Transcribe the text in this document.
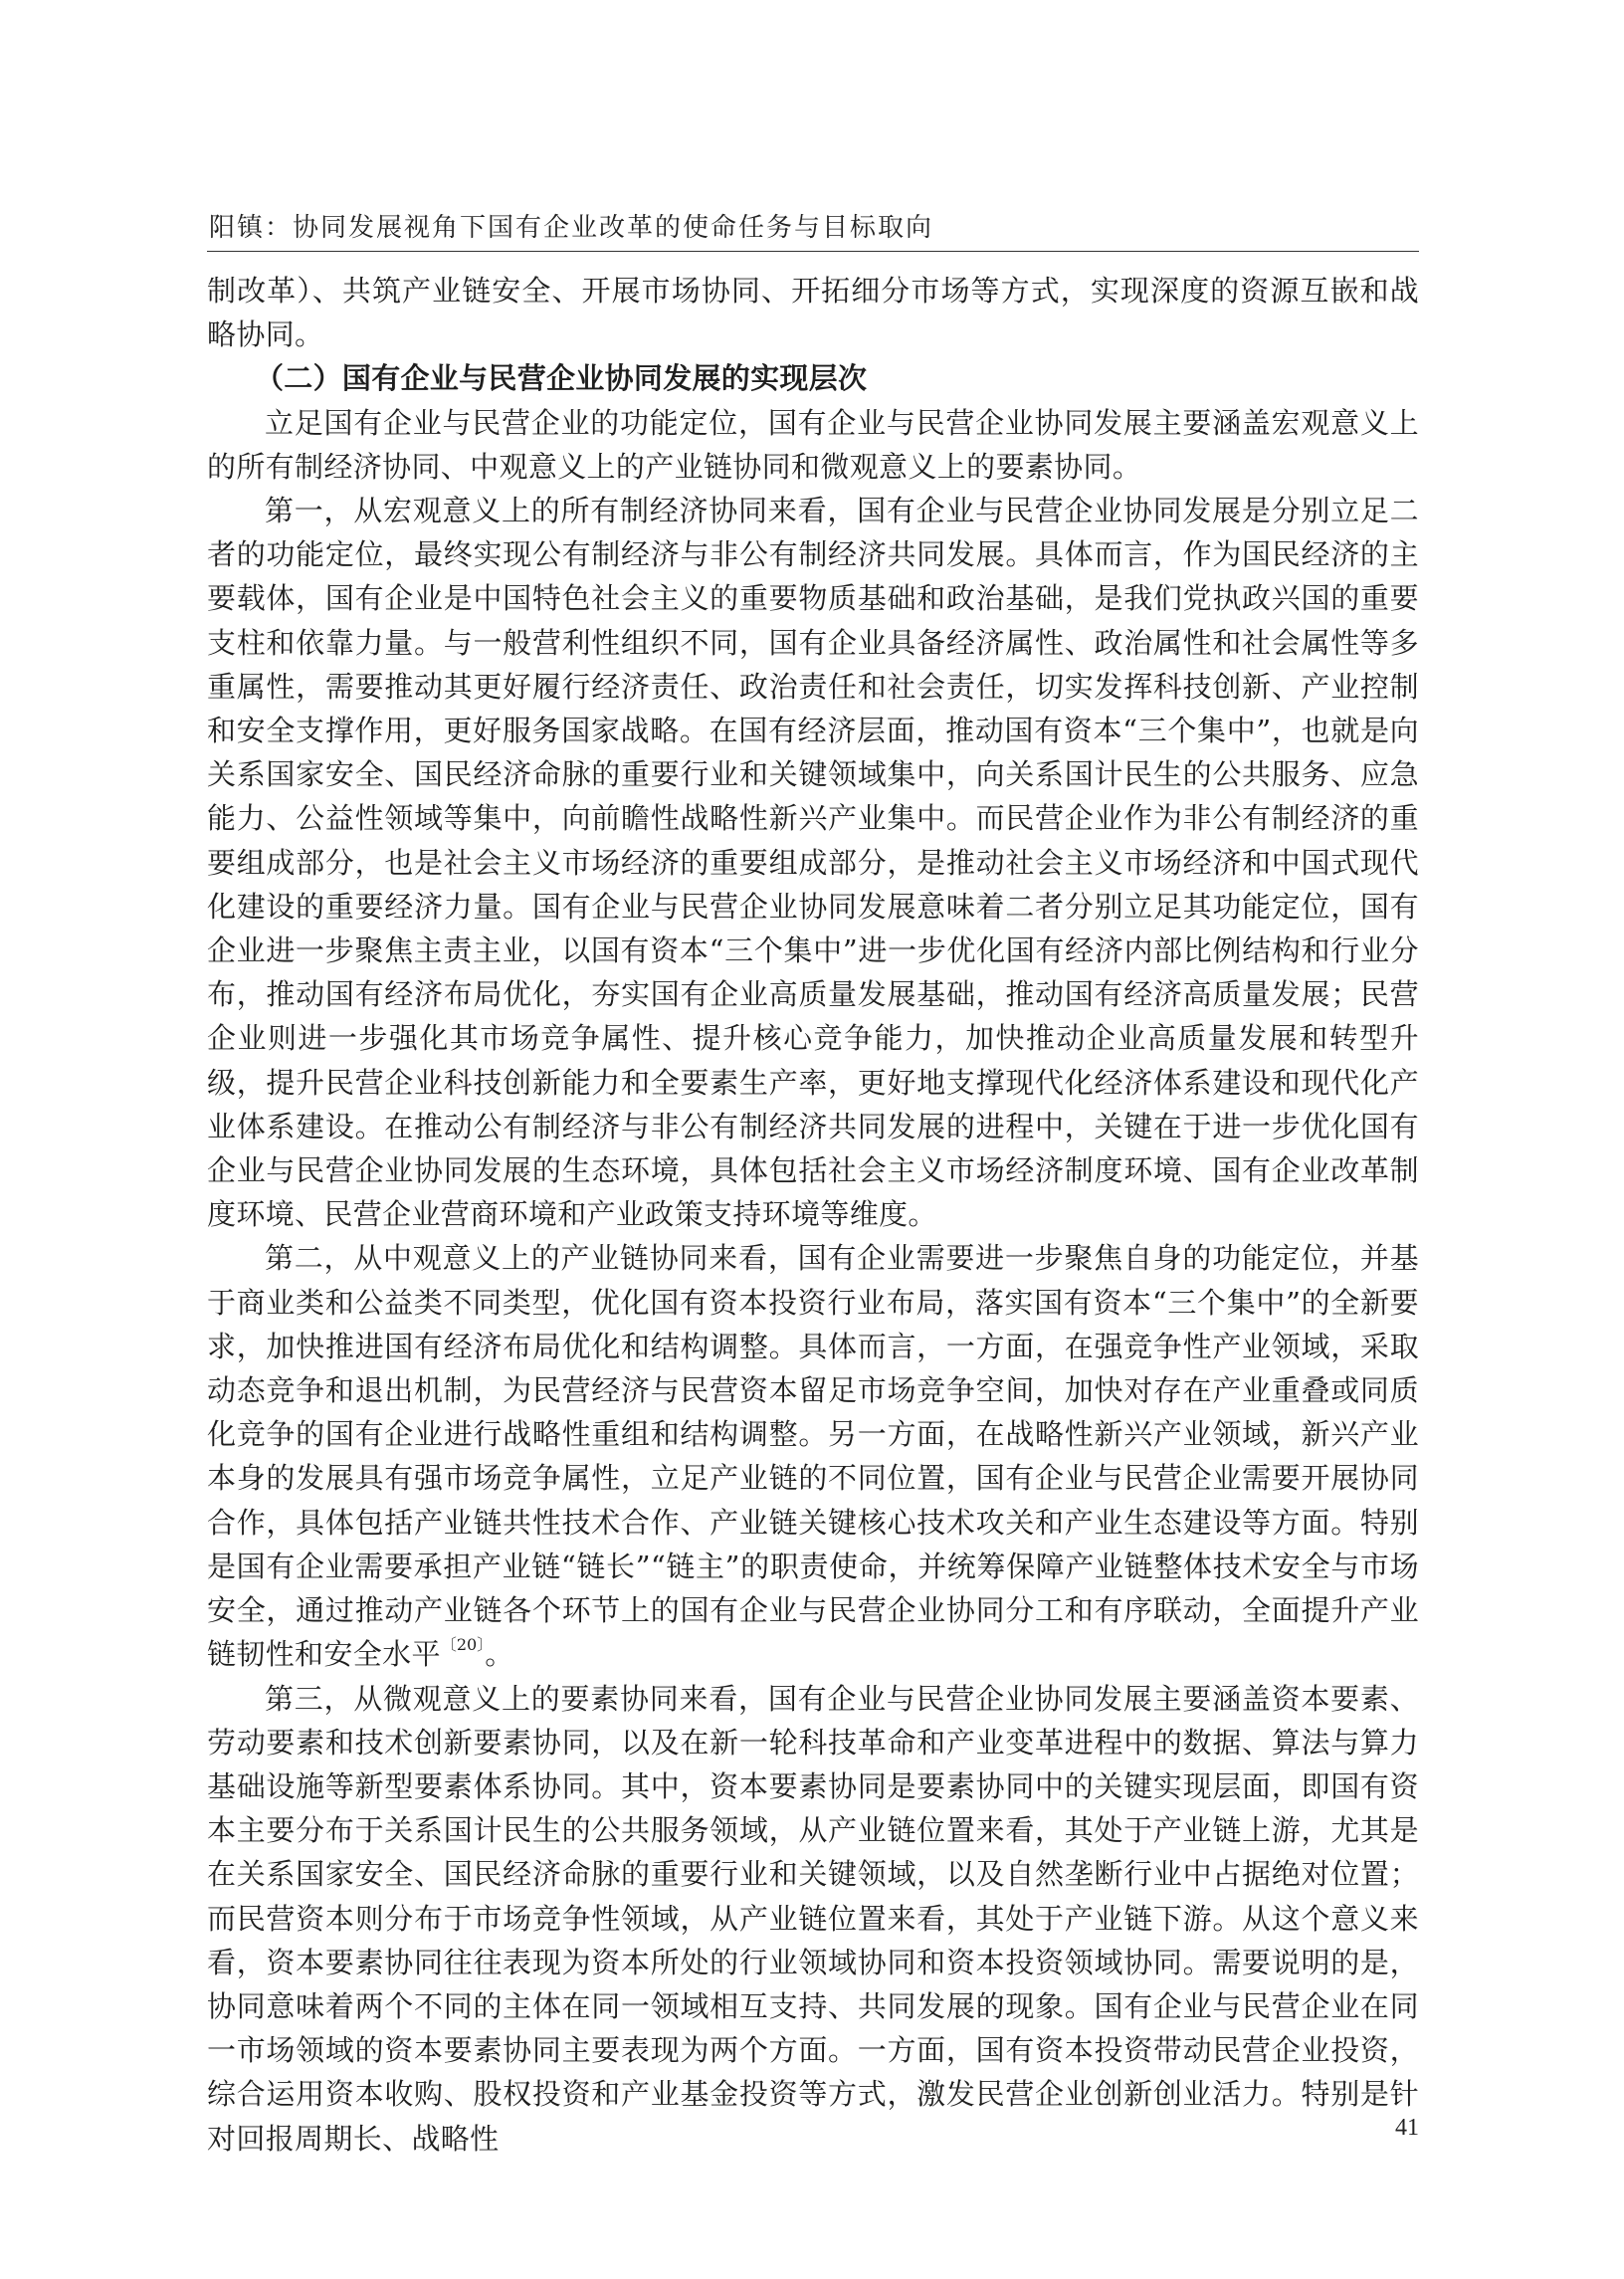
阳镇：协同发展视角下国有企业改革的使命任务与目标取向

制改革）、共筑产业链安全、开展市场协同、开拓细分市场等方式，实现深度的资源互嵌和战略协同。

（二）国有企业与民营企业协同发展的实现层次

立足国有企业与民营企业的功能定位，国有企业与民营企业协同发展主要涵盖宏观意义上的所有制经济协同、中观意义上的产业链协同和微观意义上的要素协同。

第一，从宏观意义上的所有制经济协同来看，国有企业与民营企业协同发展是分别立足二者的功能定位，最终实现公有制经济与非公有制经济共同发展。具体而言，作为国民经济的主要载体，国有企业是中国特色社会主义的重要物质基础和政治基础，是我们党执政兴国的重要支柱和依靠力量。与一般营利性组织不同，国有企业具备经济属性、政治属性和社会属性等多重属性，需要推动其更好履行经济责任、政治责任和社会责任，切实发挥科技创新、产业控制和安全支撑作用，更好服务国家战略。在国有经济层面，推动国有资本“三个集中”，也就是向关系国家安全、国民经济命脉的重要行业和关键领域集中，向关系国计民生的公共服务、应急能力、公益性领域等集中，向前瞻性战略性新兴产业集中。而民营企业作为非公有制经济的重要组成部分，也是社会主义市场经济的重要组成部分，是推动社会主义市场经济和中国式现代化建设的重要经济力量。国有企业与民营企业协同发展意味着二者分别立足其功能定位，国有企业进一步聚焦主责主业，以国有资本“三个集中”进一步优化国有经济内部比例结构和行业分布，推动国有经济布局优化，夯实国有企业高质量发展基础，推动国有经济高质量发展；民营企业则进一步强化其市场竞争属性、提升核心竞争能力，加快推动企业高质量发展和转型升级，提升民营企业科技创新能力和全要素生产率，更好地支撑现代化经济体系建设和现代化产业体系建设。在推动公有制经济与非公有制经济共同发展的进程中，关键在于进一步优化国有企业与民营企业协同发展的生态环境，具体包括社会主义市场经济制度环境、国有企业改革制度环境、民营企业营商环境和产业政策支持环境等维度。

第二，从中观意义上的产业链协同来看，国有企业需要进一步聚焦自身的功能定位，并基于商业类和公益类不同类型，优化国有资本投资行业布局，落实国有资本“三个集中”的全新要求，加快推进国有经济布局优化和结构调整。具体而言，一方面，在强竞争性产业领域，采取动态竞争和退出机制，为民营经济与民营资本留足市场竞争空间，加快对存在产业重叠或同质化竞争的国有企业进行战略性重组和结构调整。另一方面，在战略性新兴产业领域，新兴产业本身的发展具有强市场竞争属性，立足产业链的不同位置，国有企业与民营企业需要开展协同合作，具体包括产业链共性技术合作、产业链关键核心技术攻关和产业生态建设等方面。特别是国有企业需要承担产业链“链长”“链主”的职责使命，并统筹保障产业链整体技术安全与市场安全，通过推动产业链各个环节上的国有企业与民营企业协同分工和有序联动，全面提升产业链韧性和安全水平$^{〔20〕}$。

第三，从微观意义上的要素协同来看，国有企业与民营企业协同发展主要涵盖资本要素、劳动要素和技术创新要素协同，以及在新一轮科技革命和产业变革进程中的数据、算法与算力基础设施等新型要素体系协同。其中，资本要素协同是要素协同中的关键实现层面，即国有资本主要分布于关系国计民生的公共服务领域，从产业链位置来看，其处于产业链上游，尤其是在关系国家安全、国民经济命脉的重要行业和关键领域，以及自然垄断行业中占据绝对位置；而民营资本则分布于市场竞争性领域，从产业链位置来看，其处于产业链下游。从这个意义来看，资本要素协同往往表现为资本所处的行业领域协同和资本投资领域协同。需要说明的是，协同意味着两个不同的主体在同一领域相互支持、共同发展的现象。国有企业与民营企业在同一市场领域的资本要素协同主要表现为两个方面。一方面，国有资本投资带动民营企业投资，综合运用资本收购、股权投资和产业基金投资等方式，激发民营企业创新创业活力。特别是针对回报周期长、战略性	41
